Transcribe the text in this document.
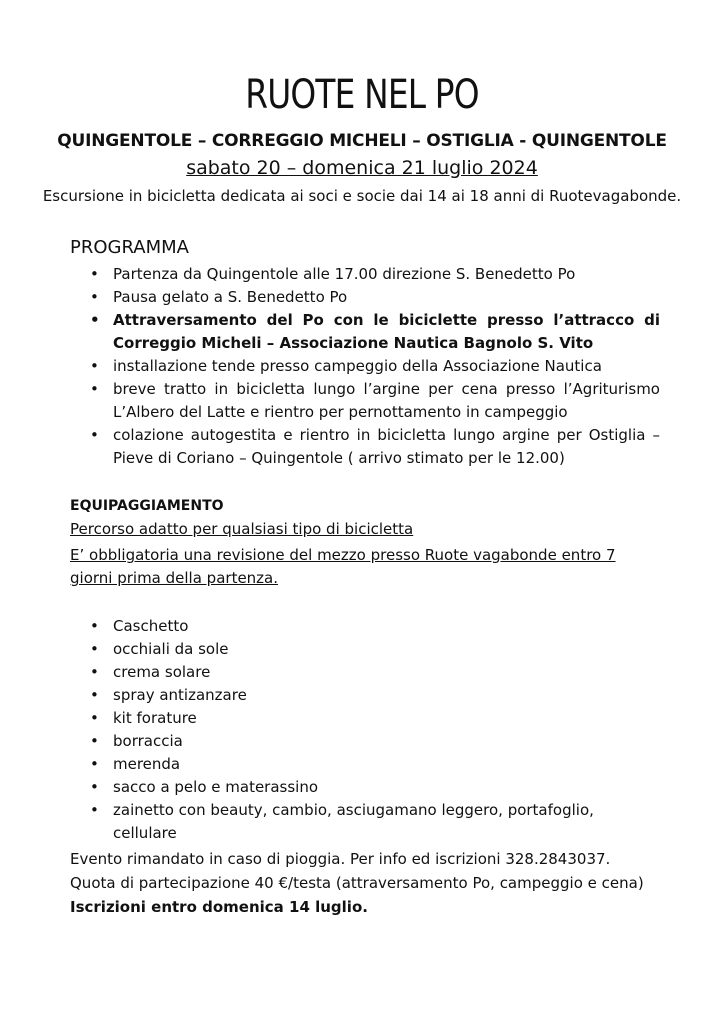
RUOTE NEL PO
QUINGENTOLE – CORREGGIO MICHELI – OSTIGLIA - QUINGENTOLE
sabato 20 – domenica 21 luglio 2024
Escursione in bicicletta dedicata ai soci e socie dai 14 ai 18 anni di Ruotevagabonde.
PROGRAMMA
• Partenza da Quingentole alle 17.00 direzione S. Benedetto Po
• Pausa gelato a S. Benedetto Po
• Attraversamento del Po con le biciclette presso l’attracco di Correggio Micheli – Associazione Nautica Bagnolo S. Vito
• installazione tende presso campeggio della Associazione Nautica
• breve tratto in bicicletta lungo l’argine per cena presso l’Agriturismo L’Albero del Latte e rientro per pernottamento in campeggio
• colazione autogestita e rientro in bicicletta lungo argine per Ostiglia – Pieve di Coriano – Quingentole ( arrivo stimato per le 12.00)
EQUIPAGGIAMENTO
Percorso adatto per qualsiasi tipo di bicicletta
E’ obbligatoria una revisione del mezzo presso Ruote vagabonde entro 7 giorni prima della partenza.
• Caschetto
• occhiali da sole
• crema solare
• spray antizanzare
• kit forature
• borraccia
• merenda
• sacco a pelo e materassino
• zainetto con beauty, cambio, asciugamano leggero, portafoglio, cellulare
Evento rimandato in caso di pioggia. Per info ed iscrizioni 328.2843037.
Quota di partecipazione 40 €/testa (attraversamento Po, campeggio e cena)
Iscrizioni entro domenica 14 luglio.
